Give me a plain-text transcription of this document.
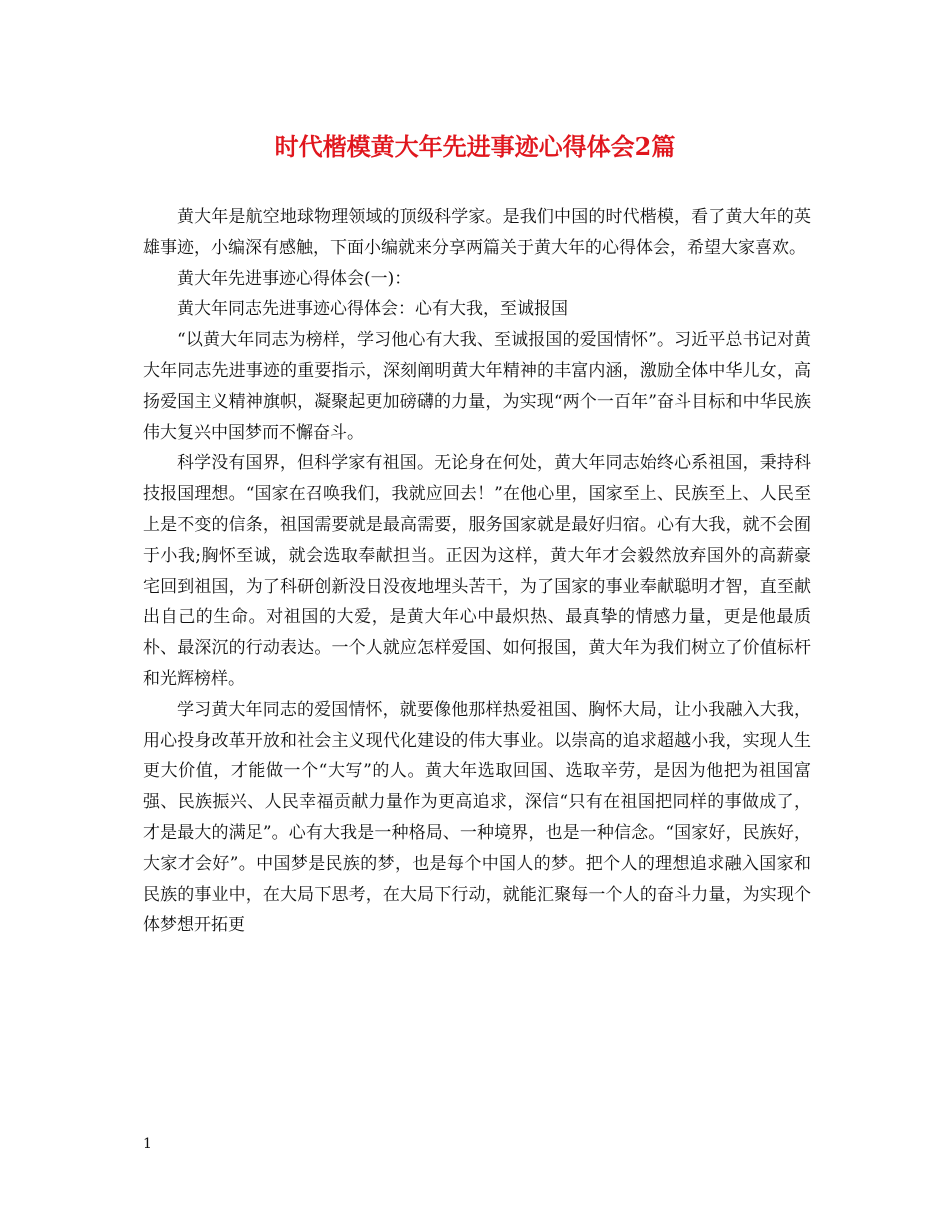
时代楷模黄大年先进事迹心得体会2篇

黄大年是航空地球物理领域的顶级科学家。是我们中国的时代楷模，看了黄大年的英雄事迹，小编深有感触，下面小编就来分享两篇关于黄大年的心得体会，希望大家喜欢。

黄大年先进事迹心得体会(一)：

黄大年同志先进事迹心得体会：心有大我，至诚报国

“以黄大年同志为榜样，学习他心有大我、至诚报国的爱国情怀”。习近平总书记对黄大年同志先进事迹的重要指示，深刻阐明黄大年精神的丰富内涵，激励全体中华儿女，高扬爱国主义精神旗帜，凝聚起更加磅礴的力量，为实现“两个一百年”奋斗目标和中华民族伟大复兴中国梦而不懈奋斗。

科学没有国界，但科学家有祖国。无论身在何处，黄大年同志始终心系祖国，秉持科技报国理想。“国家在召唤我们，我就应回去！”在他心里，国家至上、民族至上、人民至上是不变的信条，祖国需要就是最高需要，服务国家就是最好归宿。心有大我，就不会囿于小我;胸怀至诚，就会选取奉献担当。正因为这样，黄大年才会毅然放弃国外的高薪豪宅回到祖国，为了科研创新没日没夜地埋头苦干，为了国家的事业奉献聪明才智，直至献出自己的生命。对祖国的大爱，是黄大年心中最炽热、最真挚的情感力量，更是他最质朴、最深沉的行动表达。一个人就应怎样爱国、如何报国，黄大年为我们树立了价值标杆和光辉榜样。

学习黄大年同志的爱国情怀，就要像他那样热爱祖国、胸怀大局，让小我融入大我，用心投身改革开放和社会主义现代化建设的伟大事业。以崇高的追求超越小我，实现人生更大价值，才能做一个“大写”的人。黄大年选取回国、选取辛劳，是因为他把为祖国富强、民族振兴、人民幸福贡献力量作为更高追求，深信“只有在祖国把同样的事做成了，才是最大的满足”。心有大我是一种格局、一种境界，也是一种信念。“国家好，民族好，大家才会好”。中国梦是民族的梦，也是每个中国人的梦。把个人的理想追求融入国家和民族的事业中，在大局下思考，在大局下行动，就能汇聚每一个人的奋斗力量，为实现个体梦想开拓更

1
